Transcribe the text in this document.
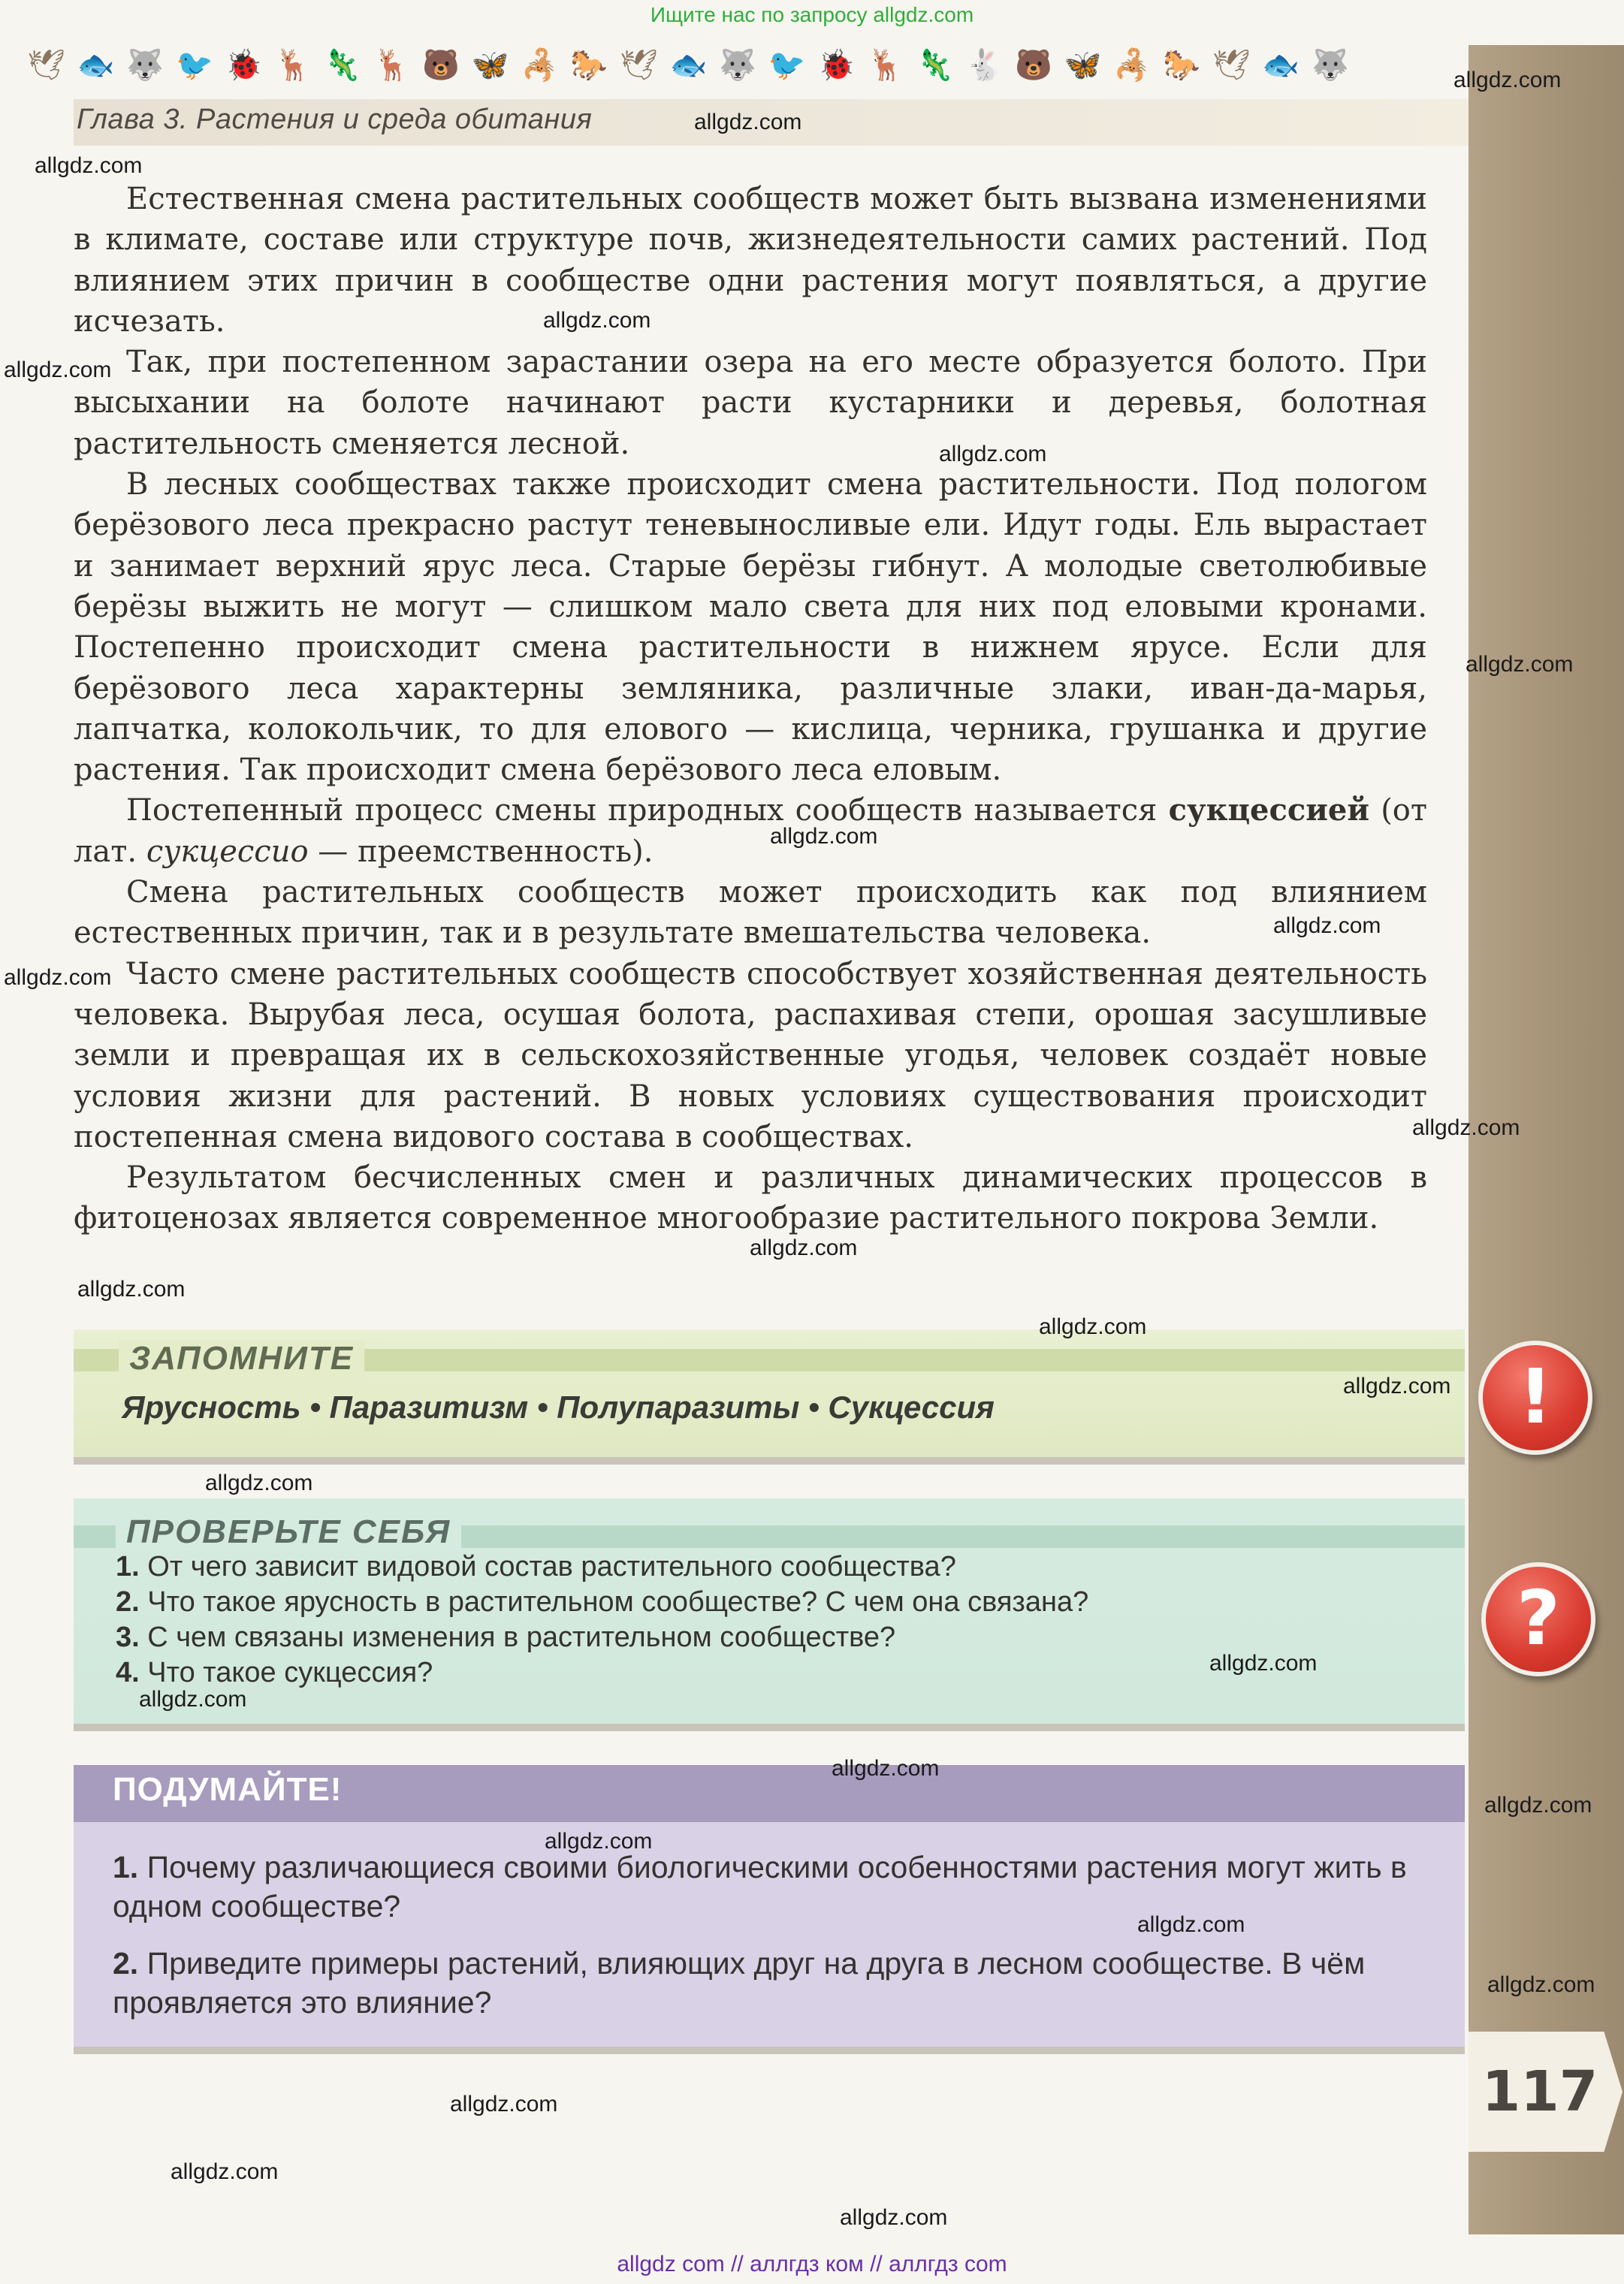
Ищите нас по запросу allgdz.com
🕊 🐟 🐺 🐦 🐞 🦌 🦎 🦌 🐻 🦋 🦂 🐎 🕊 🐟 🐺 🐦 🐞 🦌 🦎 🐇 🐻 🦋 🦂 🐎 🕊 🐟 🐺
Глава 3. Растения и среда обитания

Естественная смена растительных сообществ может быть вызвана изменениями в климате, составе или структуре почв, жизнедеятельности самих растений. Под влиянием этих причин в сообществе одни растения могут появляться, а другие исчезать.

Так, при постепенном зарастании озера на его месте образуется болото. При высыхании на болоте начинают расти кустарники и деревья, болотная растительность сменяется лесной.

В лесных сообществах также происходит смена растительности. Под пологом берёзового леса прекрасно растут теневыносливые ели. Идут годы. Ель вырастает и занимает верхний ярус леса. Старые берёзы гибнут. А молодые светолюбивые берёзы выжить не могут — слишком мало света для них под еловыми кронами. Постепенно происходит смена растительности в нижнем ярусе. Если для берёзового леса характерны земляника, различные злаки, иван-да-марья, лапчатка, колокольчик, то для елового — кислица, черника, грушанка и другие растения. Так происходит смена берёзового леса еловым.

Постепенный процесс смены природных сообществ называется сукцессией (от лат. сукцессио — преемственность).

Смена растительных сообществ может происходить как под влиянием естественных причин, так и в результате вмешательства человека.

Часто смене растительных сообществ способствует хозяйственная деятельность человека. Вырубая леса, осушая болота, распахивая степи, орошая засушливые земли и превращая их в сельскохозяйственные угодья, человек создаёт новые условия жизни для растений. В новых условиях существования происходит постепенная смена видового состава в сообществах.

Результатом бесчисленных смен и различных динамических процессов в фитоценозах является современное многообразие растительного покрова Земли.

ЗАПОМНИТЕ
Ярусность • Паразитизм • Полупаразиты • Сукцессия	!
ПРОВЕРЬТЕ СЕБЯ
1. От чего зависит видовой состав растительного сообщества?
2. Что такое ярусность в растительном сообществе? С чем она связана?
3. С чем связаны изменения в растительном сообществе?
4. Что такое сукцессия?
?
ПОДУМАЙТЕ!
1. Почему различающиеся своими биологическими особенностями растения могут жить в одном сообществе?
2. Приведите примеры растений, влияющих друг на друга в лесном сообществе. В чём проявляется это влияние?
117
allgdz.com
allgdz.com
allgdz.com
allgdz.com
allgdz.com
allgdz.com
allgdz.com
allgdz.com
allgdz.com
allgdz.com
allgdz.com
allgdz.com
allgdz.com
allgdz.com
allgdz.com
allgdz.com
allgdz.com
allgdz.com
allgdz.com
allgdz.com
allgdz.com
allgdz.com
allgdz.com
allgdz.com
allgdz.com
allgdz.com
allgdz com // аллгдз ком // аллгдз com
